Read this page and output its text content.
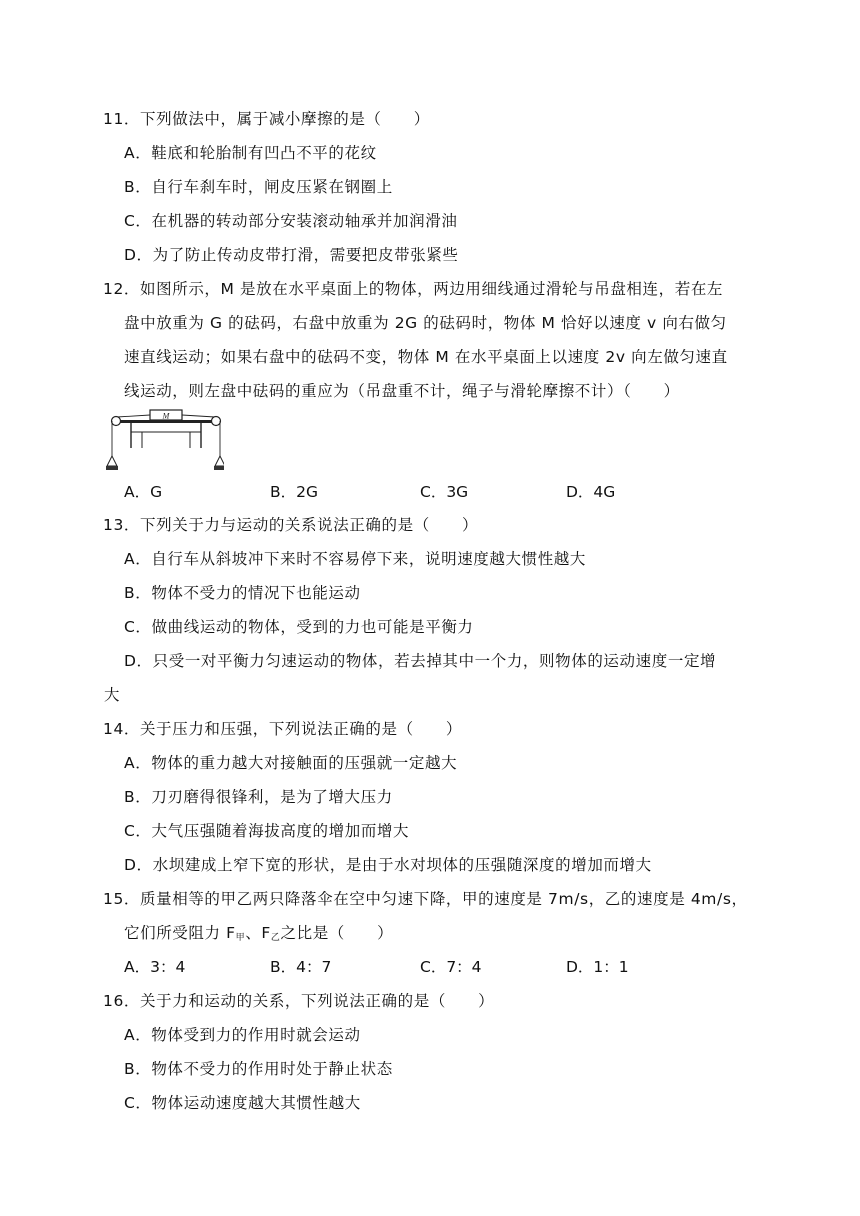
11．下列做法中，属于减小摩擦的是（　　）
A．鞋底和轮胎制有凹凸不平的花纹
B．自行车刹车时，闸皮压紧在钢圈上
C．在机器的转动部分安装滚动轴承并加润滑油
D．为了防止传动皮带打滑，需要把皮带张紧些
12．如图所示，M 是放在水平桌面上的物体，两边用细线通过滑轮与吊盘相连，若在左
盘中放重为 G 的砝码，右盘中放重为 2G 的砝码时，物体 M 恰好以速度 v 向右做匀
速直线运动；如果右盘中的砝码不变，物体 M 在水平桌面上以速度 2v 向左做匀速直
线运动，则左盘中砝码的重应为（吊盘重不计，绳子与滑轮摩擦不计）（　　）
M
A．G	B．2G	C．3G	D．4G
13．下列关于力与运动的关系说法正确的是（　　）
A．自行车从斜坡冲下来时不容易停下来，说明速度越大惯性越大
B．物体不受力的情况下也能运动
C．做曲线运动的物体，受到的力也可能是平衡力
D．只受一对平衡力匀速运动的物体，若去掉其中一个力，则物体的运动速度一定增
大
14．关于压力和压强，下列说法正确的是（　　）
A．物体的重力越大对接触面的压强就一定越大
B．刀刃磨得很锋利，是为了增大压力
C．大气压强随着海拔高度的增加而增大
D．水坝建成上窄下宽的形状，是由于水对坝体的压强随深度的增加而增大
15．质量相等的甲乙两只降落伞在空中匀速下降，甲的速度是 7m/s，乙的速度是 4m/s，
它们所受阻力 $F_甲$、$F_乙$之比是（　　）
A．3：4	B．4：7	C．7：4	D．1：1
16．关于力和运动的关系，下列说法正确的是（　　）
A．物体受到力的作用时就会运动
B．物体不受力的作用时处于静止状态
C．物体运动速度越大其惯性越大
